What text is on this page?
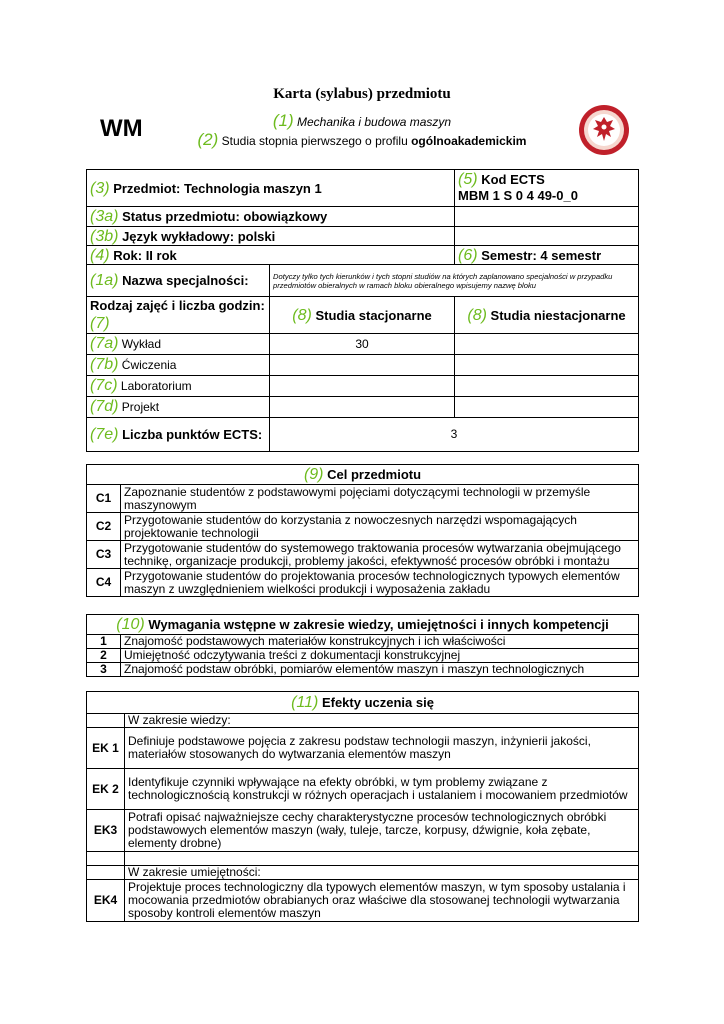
Karta (sylabus) przedmiotu
WM	(1) Mechanika i budowa maszyn
(2) Studia stopnia pierwszego o profilu ogólnoakademickim
(3) Przedmiot: Technologia maszyn 1		(5) Kod ECTS
MBM 1 S 0 4 49-0_0
(3a) Status przedmiotu: obowiązkowy		
(3b) Język wykładowy: polski		
(4) Rok: II rok		(6) Semestr: 4 semestr
(1a) Nazwa specjalności:	Dotyczy tylko tych kierunków i tych stopni studiów na których zaplanowano specjalności w przypadku przedmiotów obieralnych w ramach bloku obieralnego wpisujemy nazwę bloku	
Rodzaj zajęć i liczba godzin: (7)	(8) Studia stacjonarne	(8) Studia niestacjonarne
(7a) Wykład	30	
(7b) Ćwiczenia		
(7c) Laboratorium		
(7d) Projekt		
(7e) Liczba punktów ECTS:	3	
(9) Cel przedmiotu	
C1	Zapoznanie studentów z podstawowymi pojęciami dotyczącymi technologii w przemyśle maszynowym
C2	Przygotowanie studentów do korzystania z nowoczesnych narzędzi wspomagających projektowanie technologii
C3	Przygotowanie studentów do systemowego traktowania procesów wytwarzania obejmującego technikę, organizacje produkcji, problemy jakości, efektywność procesów obróbki i montażu
C4	Przygotowanie studentów do projektowania procesów technologicznych typowych elementów maszyn z uwzględnieniem wielkości produkcji i wyposażenia zakładu
(10) Wymagania wstępne w zakresie wiedzy, umiejętności i innych kompetencji	
1	Znajomość podstawowych materiałów konstrukcyjnych i ich właściwości
2	Umiejętność odczytywania treści z dokumentacji konstrukcyjnej
3	Znajomość podstaw obróbki, pomiarów elementów maszyn i maszyn technologicznych
(11) Efekty uczenia się	
	W zakresie wiedzy:
EK 1	Definiuje podstawowe pojęcia z zakresu podstaw technologii maszyn, inżynierii jakości, materiałów stosowanych do wytwarzania elementów maszyn
EK 2	Identyfikuje czynniki wpływające na efekty obróbki, w tym problemy związane z technologicznością konstrukcji w różnych operacjach i ustalaniem i mocowaniem przedmiotów
EK3	Potrafi opisać najważniejsze cechy charakterystyczne procesów technologicznych obróbki podstawowych elementów maszyn (wały, tuleje, tarcze, korpusy, dźwignie, koła zębate, elementy drobne)

	W zakresie umiejętności:
EK4	Projektuje proces technologiczny dla typowych elementów maszyn, w tym sposoby ustalania i mocowania przedmiotów obrabianych oraz właściwe dla stosowanej technologii wytwarzania sposoby kontroli elementów maszyn
